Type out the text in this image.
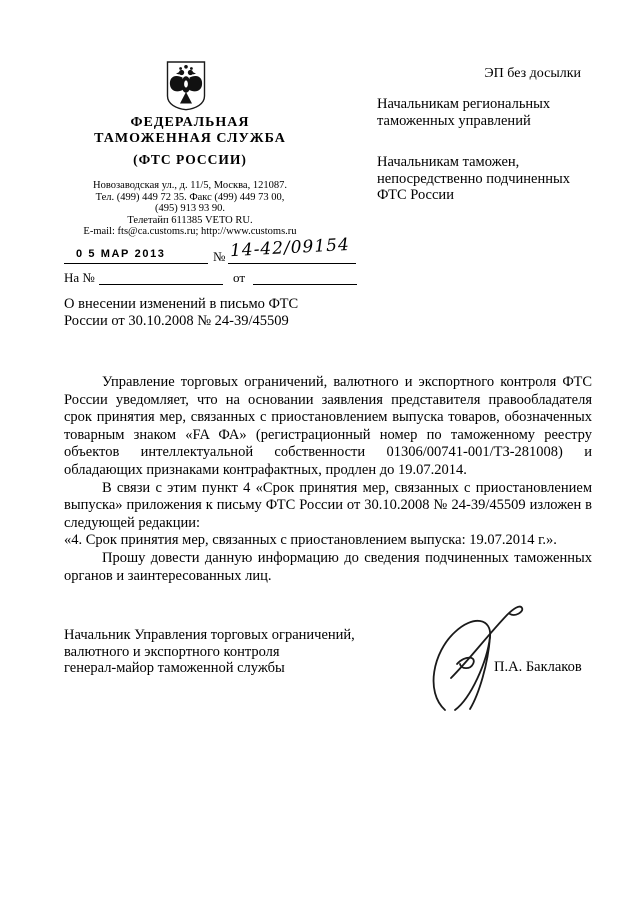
ФЕДЕРАЛЬНАЯ
ТАМОЖЕННАЯ СЛУЖБА
(ФТС РОССИИ)
Новозаводская ул., д. 11/5, Москва, 121087.
Тел. (499) 449 72 35. Факс (499) 449 73 00,
(495) 913 93 90.
Телетайп 611385 VETO RU.
E-mail: fts@ca.customs.ru; http://www.customs.ru
0 5 МАР 2013	№ 14-42/09154
На №	от
ЭП без досылки
Начальникам региональных
таможенных управлений
Начальникам таможен,
непосредственно подчиненных
ФТС России
О внесении изменений в письмо ФТС
России от 30.10.2008 № 24-39/45509

Управление торговых ограничений, валютного и экспортного контроля ФТС России уведомляет, что на основании заявления представителя правообладателя срок принятия мер, связанных с приостановлением выпуска товаров, обозначенных товарным знаком «FA ФА» (регистрационный номер по таможенному реестру объектов интеллектуальной собственности 01306/00741-001/ТЗ-281008) и обладающих признаками контрафактных, продлен до 19.07.2014.

В связи с этим пункт 4 «Срок принятия мер, связанных с приостановлением выпуска» приложения к письму ФТС России от 30.10.2008 № 24-39/45509 изложен в следующей редакции:

«4. Срок принятия мер, связанных с приостановлением выпуска: 19.07.2014 г.».

Прошу довести данную информацию до сведения подчиненных таможенных органов и заинтересованных лиц.

Начальник Управления торговых ограничений,
валютного и экспортного контроля
генерал-майор таможенной службы	П.А. Баклаков
